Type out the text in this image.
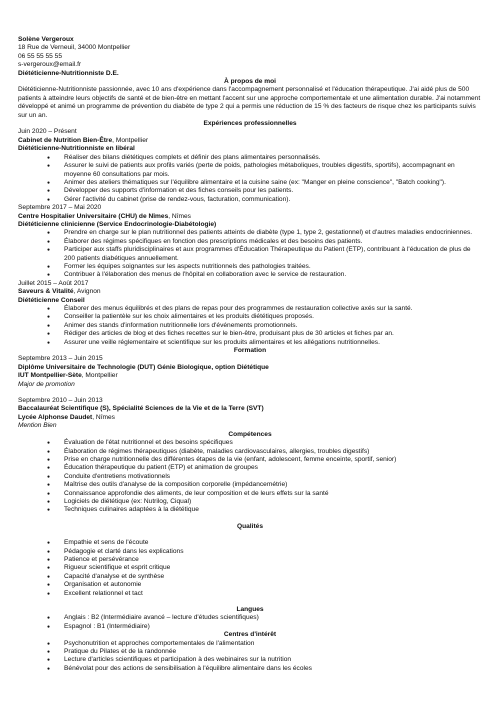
Solène Vergeroux
18 Rue de Verneuil, 34000 Montpellier
06 55 55 55 55
s-vergeroux@email.fr
Diététicienne-Nutritionniste D.E.
À propos de moi
Diététicienne-Nutritionniste passionnée, avec 10 ans d'expérience dans l'accompagnement personnalisé et l'éducation thérapeutique. J'ai aidé plus de 500 patients à atteindre leurs objectifs de santé et de bien-être en mettant l'accent sur une approche comportementale et une alimentation durable. J'ai notamment développé et animé un programme de prévention du diabète de type 2 qui a permis une réduction de 15 % des facteurs de risque chez les participants suivis sur un an.
Expériences professionnelles
Juin 2020 – Présent
Cabinet de Nutrition Bien-Être, Montpellier
Diététicienne-Nutritionniste en libéral
● Réaliser des bilans diététiques complets et définir des plans alimentaires personnalisés.
● Assurer le suivi de patients aux profils variés (perte de poids, pathologies métaboliques, troubles digestifs, sportifs), accompagnant en moyenne 60 consultations par mois.
● Animer des ateliers thématiques sur l'équilibre alimentaire et la cuisine saine (ex: "Manger en pleine conscience", "Batch cooking").
● Développer des supports d'information et des fiches conseils pour les patients.
● Gérer l'activité du cabinet (prise de rendez-vous, facturation, communication).
Septembre 2017 – Mai 2020
Centre Hospitalier Universitaire (CHU) de Nîmes, Nîmes
Diététicienne clinicienne (Service Endocrinologie-Diabétologie)
● Prendre en charge sur le plan nutritionnel des patients atteints de diabète (type 1, type 2, gestationnel) et d'autres maladies endocriniennes.
● Élaborer des régimes spécifiques en fonction des prescriptions médicales et des besoins des patients.
● Participer aux staffs pluridisciplinaires et aux programmes d'Éducation Thérapeutique du Patient (ETP), contribuant à l'éducation de plus de 200 patients diabétiques annuellement.
● Former les équipes soignantes sur les aspects nutritionnels des pathologies traitées.
● Contribuer à l'élaboration des menus de l'hôpital en collaboration avec le service de restauration.
Juillet 2015 – Août 2017
Saveurs & Vitalité, Avignon
Diététicienne Conseil
● Élaborer des menus équilibrés et des plans de repas pour des programmes de restauration collective axés sur la santé.
● Conseiller la patientèle sur les choix alimentaires et les produits diététiques proposés.
● Animer des stands d'information nutritionnelle lors d'événements promotionnels.
● Rédiger des articles de blog et des fiches recettes sur le bien-être, produisant plus de 30 articles et fiches par an.
● Assurer une veille réglementaire et scientifique sur les produits alimentaires et les allégations nutritionnelles.
Formation
Septembre 2013 – Juin 2015
Diplôme Universitaire de Technologie (DUT) Génie Biologique, option Diététique
IUT Montpellier-Sète, Montpellier
Major de promotion
Septembre 2010 – Juin 2013
Baccalauréat Scientifique (S), Spécialité Sciences de la Vie et de la Terre (SVT)
Lycée Alphonse Daudet, Nîmes
Mention Bien
Compétences
● Évaluation de l'état nutritionnel et des besoins spécifiques
● Élaboration de régimes thérapeutiques (diabète, maladies cardiovasculaires, allergies, troubles digestifs)
● Prise en charge nutritionnelle des différentes étapes de la vie (enfant, adolescent, femme enceinte, sportif, senior)
● Éducation thérapeutique du patient (ETP) et animation de groupes
● Conduite d'entretiens motivationnels
● Maîtrise des outils d'analyse de la composition corporelle (impédancemétrie)
● Connaissance approfondie des aliments, de leur composition et de leurs effets sur la santé
● Logiciels de diététique (ex: Nutrilog, Ciqual)
● Techniques culinaires adaptées à la diététique
Qualités
● Empathie et sens de l'écoute
● Pédagogie et clarté dans les explications
● Patience et persévérance
● Rigueur scientifique et esprit critique
● Capacité d'analyse et de synthèse
● Organisation et autonomie
● Excellent relationnel et tact
Langues
● Anglais : B2 (Intermédiaire avancé – lecture d'études scientifiques)
● Espagnol : B1 (Intermédiaire)
Centres d'intérêt
● Psychonutrition et approches comportementales de l'alimentation
● Pratique du Pilates et de la randonnée
● Lecture d'articles scientifiques et participation à des webinaires sur la nutrition
● Bénévolat pour des actions de sensibilisation à l'équilibre alimentaire dans les écoles
